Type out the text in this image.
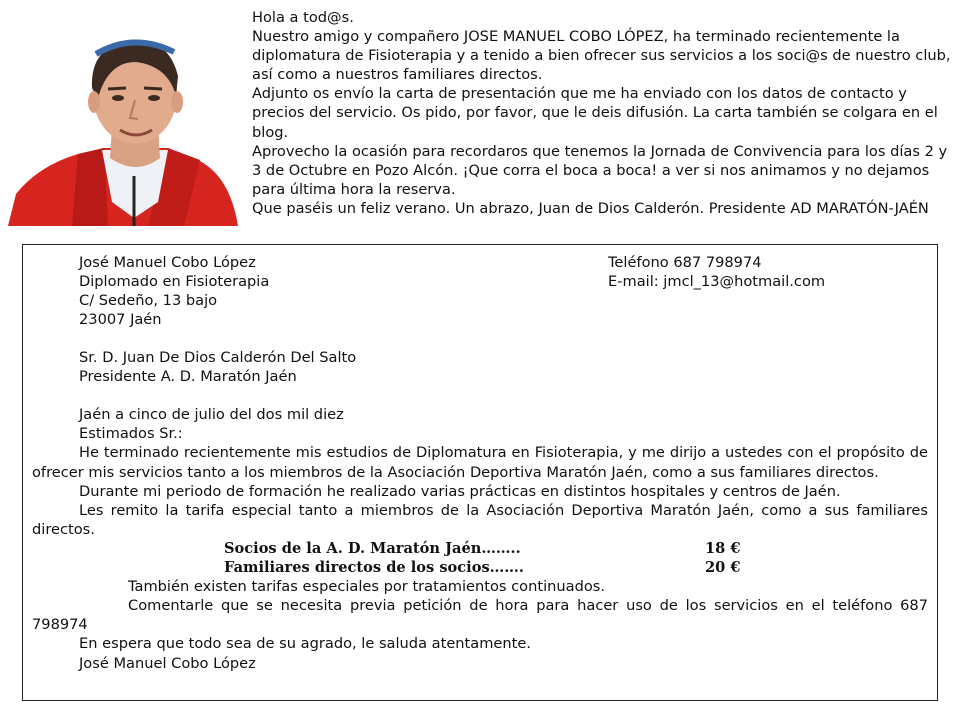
Hola a tod@s.

Nuestro amigo y compañero JOSE MANUEL COBO LÓPEZ, ha terminado recientemente la diplomatura de Fisioterapia y a tenido a bien ofrecer sus servicios a los soci@s de nuestro club, así como a nuestros familiares directos.

Adjunto os envío la carta de presentación que me ha enviado con los datos de contacto y precios del servicio. Os pido, por favor, que le deis difusión. La carta también se colgara en el blog.

Aprovecho la ocasión para recordaros que tenemos la Jornada de Convivencia para los días 2 y 3 de Octubre en Pozo Alcón. ¡Que corra el boca a boca! a ver si nos animamos y no dejamos para última hora la reserva.

Que paséis un feliz verano. Un abrazo, Juan de Dios Calderón. Presidente AD MARATÓN-JAÉN

José Manuel Cobo López
Diplomado en Fisioterapia
C/ Sedeño, 13 bajo
23007 Jaén
Teléfono 687 798974
E-mail: jmcl_13@hotmail.com
Sr. D. Juan De Dios Calderón Del Salto
Presidente A. D. Maratón Jaén
Jaén a cinco de julio del dos mil diez
Estimados Sr.:
He terminado recientemente mis estudios de Diplomatura en Fisioterapia, y me dirijo a ustedes con el propósito de ofrecer mis servicios tanto a los miembros de la Asociación Deportiva Maratón Jaén, como a sus familiares directos.
Durante mi periodo de formación he realizado varias prácticas en distintos hospitales y centros de Jaén.
Les remito la tarifa especial tanto a miembros de la Asociación Deportiva Maratón Jaén, como a sus familiares directos.
Socios de la A. D. Maratón Jaén……..	18 €
Familiares directos de los socios…….	20 €
También existen tarifas especiales por tratamientos continuados.
Comentarle que se necesita previa petición de hora para hacer uso de los servicios en el teléfono 687 798974
En espera que todo sea de su agrado, le saluda atentamente.
José Manuel Cobo López
